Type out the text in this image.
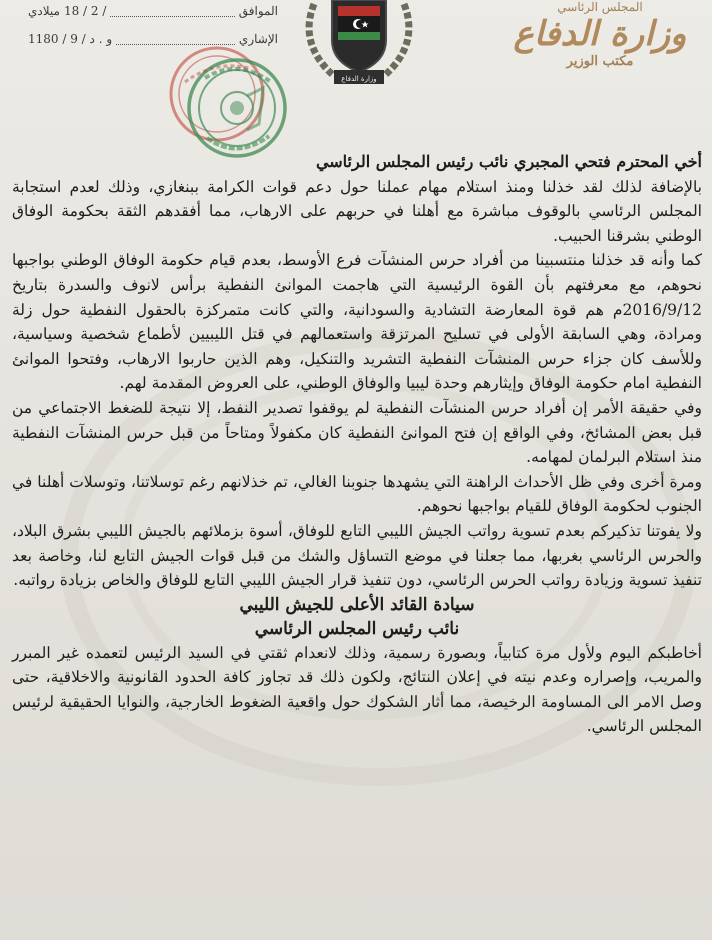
المجلس الرئاسي
وزارة الدفاع
مكتب الوزير
وزارة الدفاع
الموافق
/ 2 / 18
ميلادي
الإشاري
و . د / 9 / 1180

أخي المحترم فتحي المجبري نائب رئيس المجلس الرئاسي

بالإضافة لذلك لقد خذلنا ومنذ استلام مهام عملنا حول دعم قوات الكرامة ببنغازي، وذلك لعدم استجابة المجلس الرئاسي بالوقوف مباشرة مع أهلنا في حربهم على الارهاب، مما أفقدهم الثقة بحكومة الوفاق الوطني بشرقنا الحبيب.

كما وأنه قد خذلنا منتسبينا من أفراد حرس المنشآت فرع الأوسط، بعدم قيام حكومة الوفاق الوطني بواجبها نحوهم، مع معرفتهم بأن القوة الرئيسية التي هاجمت الموانئ النفطية برأس لانوف والسدرة بتاريخ 2016/9/12م هم قوة المعارضة التشادية والسودانية، والتي كانت متمركزة بالحقول النفطية حول زلة ومرادة، وهي السابقة الأولى في تسليح المرتزقة واستعمالهم في قتل الليبيين لأطماع شخصية وسياسية، وللأسف كان جزاء حرس المنشآت النفطية التشريد والتنكيل، وهم الذين حاربوا الارهاب، وفتحوا الموانئ النفطية امام حكومة الوفاق وإيثارهم وحدة ليبيا والوفاق الوطني، على العروض المقدمة لهم.

وفي حقيقة الأمر إن أفراد حرس المنشآت النفطية لم يوقفوا تصدير النفط، إلا نتيجة للضغط الاجتماعي من قبل بعض المشائخ، وفي الواقع إن فتح الموانئ النفطية كان مكفولاً ومتاحاً من قبل حرس المنشآت النفطية منذ استلام البرلمان لمهامه.

ومرة أخرى وفي ظل الأحداث الراهنة التي يشهدها جنوبنا الغالي، تم خذلانهم رغم توسلاتنا، وتوسلات أهلنا في الجنوب لحكومة الوفاق للقيام بواجبها نحوهم.

ولا يفوتنا تذكيركم بعدم تسوية رواتب الجيش الليبي التابع للوفاق، أسوة بزملائهم بالجيش الليبي بشرق البلاد، والحرس الرئاسي بغربها، مما جعلنا في موضع التساؤل والشك من قبل قوات الجيش التابع لنا، وخاصة بعد تنفيذ تسوية وزيادة رواتب الحرس الرئاسي، دون تنفيذ قرار الجيش الليبي التابع للوفاق والخاص بزيادة رواتبه.

سيادة القائد الأعلى للجيش الليبي

نائب رئيس المجلس الرئاسي

أخاطبكم اليوم ولأول مرة كتابياً، وبصورة رسمية، وذلك لانعدام ثقتي في السيد الرئيس لتعمده غير المبرر والمريب، وإصراره وعدم نيته في إعلان النتائج، ولكون ذلك قد تجاوز كافة الحدود القانونية والاخلاقية، حتى وصل الامر الى المساومة الرخيصة، مما أثار الشكوك حول واقعية الضغوط الخارجية، والنوايا الحقيقية لرئيس المجلس الرئاسي.
